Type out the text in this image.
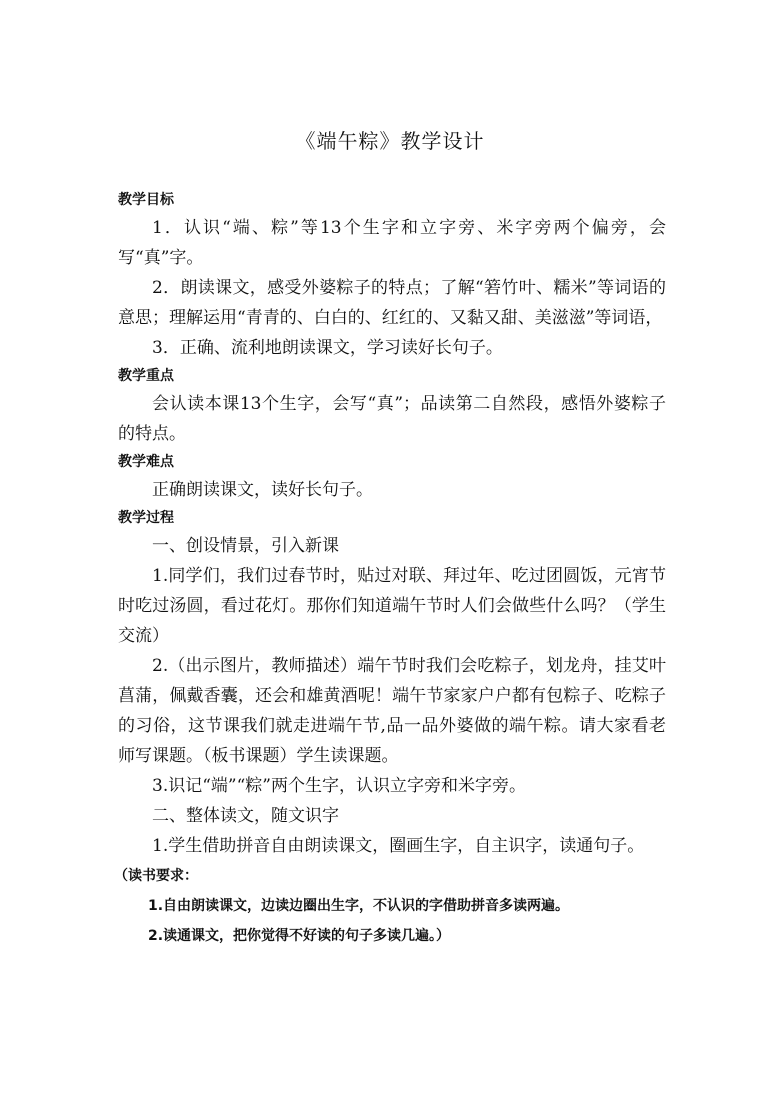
《端午粽》教学设计
教学目标
1．认识“端、粽”等13个生字和立字旁、米字旁两个偏旁，会写“真”字。
2．朗读课文，感受外婆粽子的特点；了解“箬竹叶、糯米”等词语的意思；理解运用“青青的、白白的、红红的、又黏又甜、美滋滋”等词语，
3．正确、流利地朗读课文，学习读好长句子。
教学重点
会认读本课13个生字，会写“真”；品读第二自然段，感悟外婆粽子的特点。
教学难点
正确朗读课文，读好长句子。
教学过程
一、创设情景，引入新课
1.同学们，我们过春节时，贴过对联、拜过年、吃过团圆饭，元宵节时吃过汤圆，看过花灯。那你们知道端午节时人们会做些什么吗？（学生交流）
2.（出示图片，教师描述）端午节时我们会吃粽子，划龙舟，挂艾叶菖蒲，佩戴香囊，还会和雄黄酒呢！端午节家家户户都有包粽子、吃粽子的习俗，这节课我们就走进端午节,品一品外婆做的端午粽。请大家看老师写课题。（板书课题）学生读课题。
3.识记“端”“粽”两个生字，认识立字旁和米字旁。
二、整体读文，随文识字
1.学生借助拼音自由朗读课文，圈画生字，自主识字，读通句子。
（读书要求：
1.自由朗读课文，边读边圈出生字，不认识的字借助拼音多读两遍。
2.读通课文，把你觉得不好读的句子多读几遍。）
